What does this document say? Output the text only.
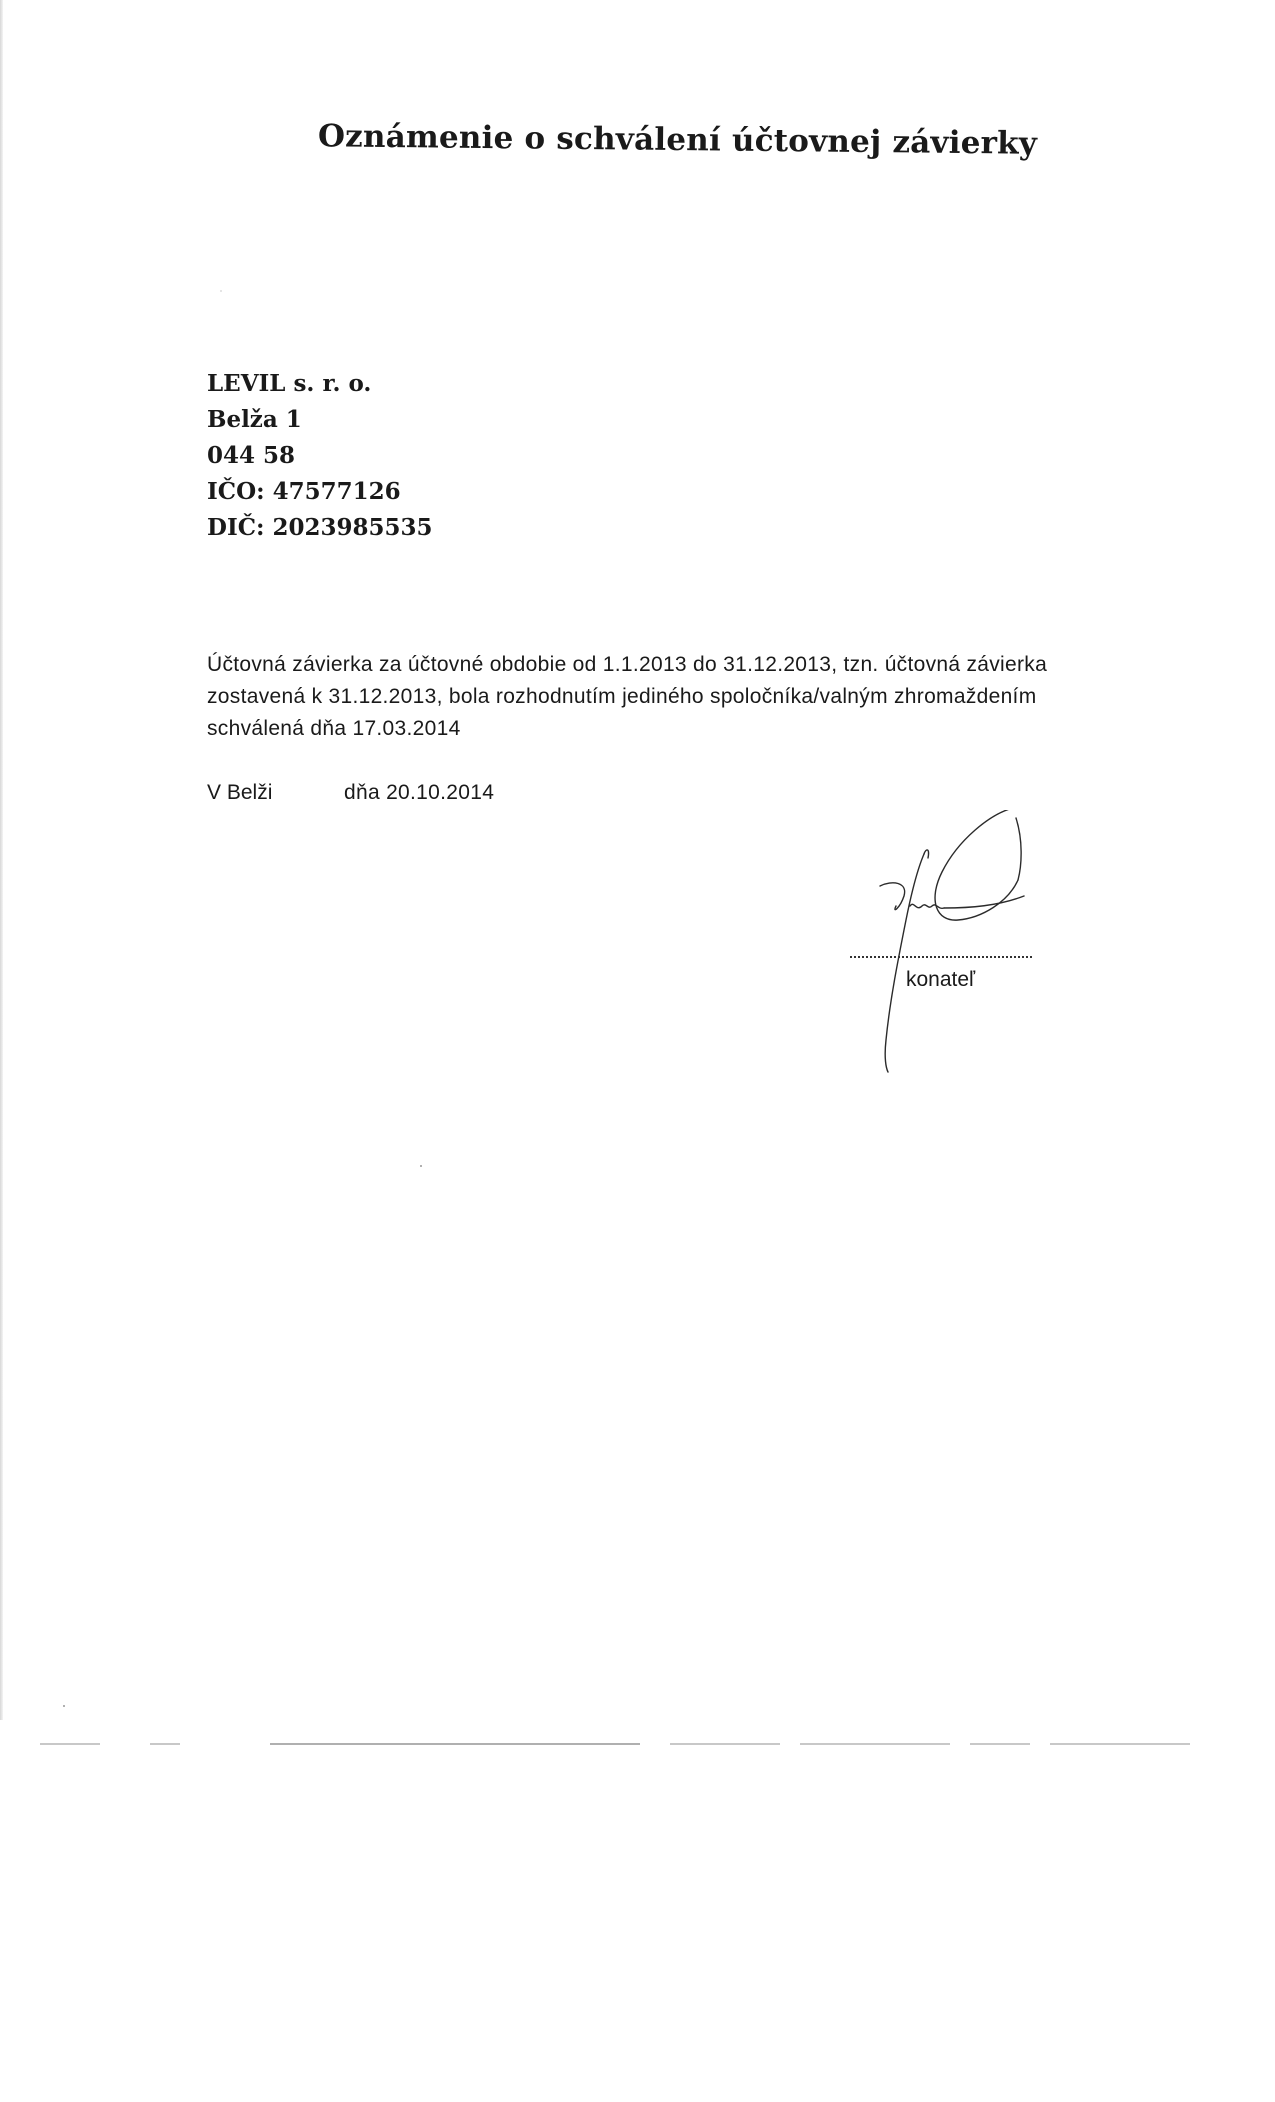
Oznámenie o schválení účtovnej závierky
LEVIL s. r. o.
Belža 1
044 58
IČO: 47577126
DIČ: 2023985535
Účtovná závierka za účtovné obdobie od 1.1.2013 do 31.12.2013, tzn. účtovná závierka
zostavená k 31.12.2013, bola rozhodnutím jediného spoločníka/valným zhromaždením
schválená dňa 17.03.2014
V Belži	dňa 20.10.2014
konateľ
